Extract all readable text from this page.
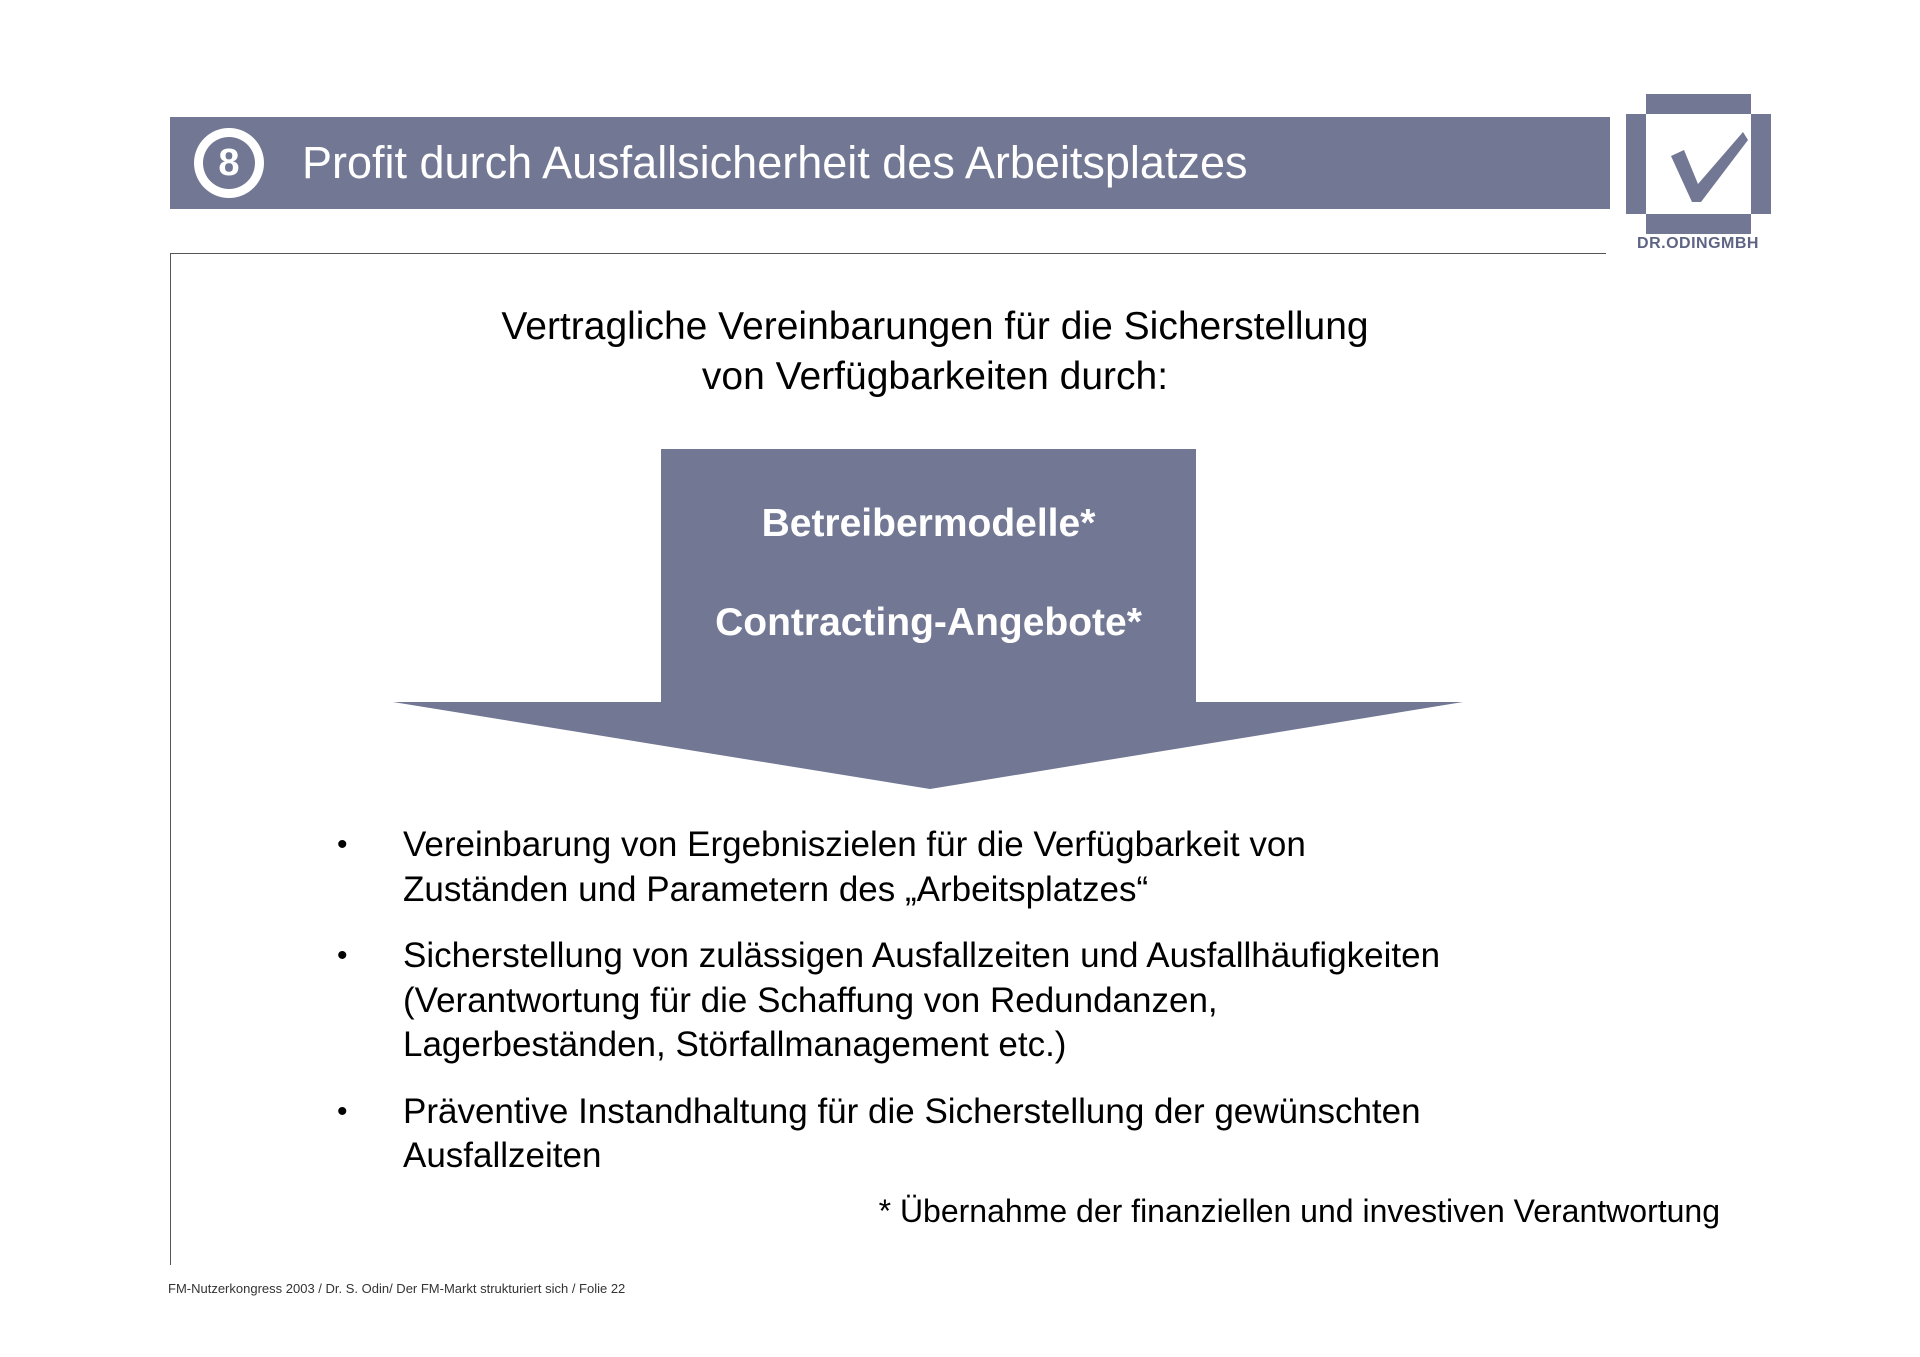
8	Profit durch Ausfallsicherheit des Arbeitsplatzes
DR.ODINGMBH
Vertragliche Vereinbarungen für die Sicherstellung
von Verfügbarkeiten durch:
Betreibermodelle*
Contracting-Angebote*
• Vereinbarung von Ergebniszielen für die Verfügbarkeit von
Zuständen und Parametern des „Arbeitsplatzes“
• Sicherstellung von zulässigen Ausfallzeiten und Ausfallhäufigkeiten
(Verantwortung für die Schaffung von Redundanzen,
Lagerbeständen, Störfallmanagement etc.)
• Präventive Instandhaltung für die Sicherstellung der gewünschten
Ausfallzeiten
* Übernahme der finanziellen und investiven Verantwortung
FM-Nutzerkongress 2003 / Dr. S. Odin/ Der FM-Markt strukturiert sich / Folie 22
